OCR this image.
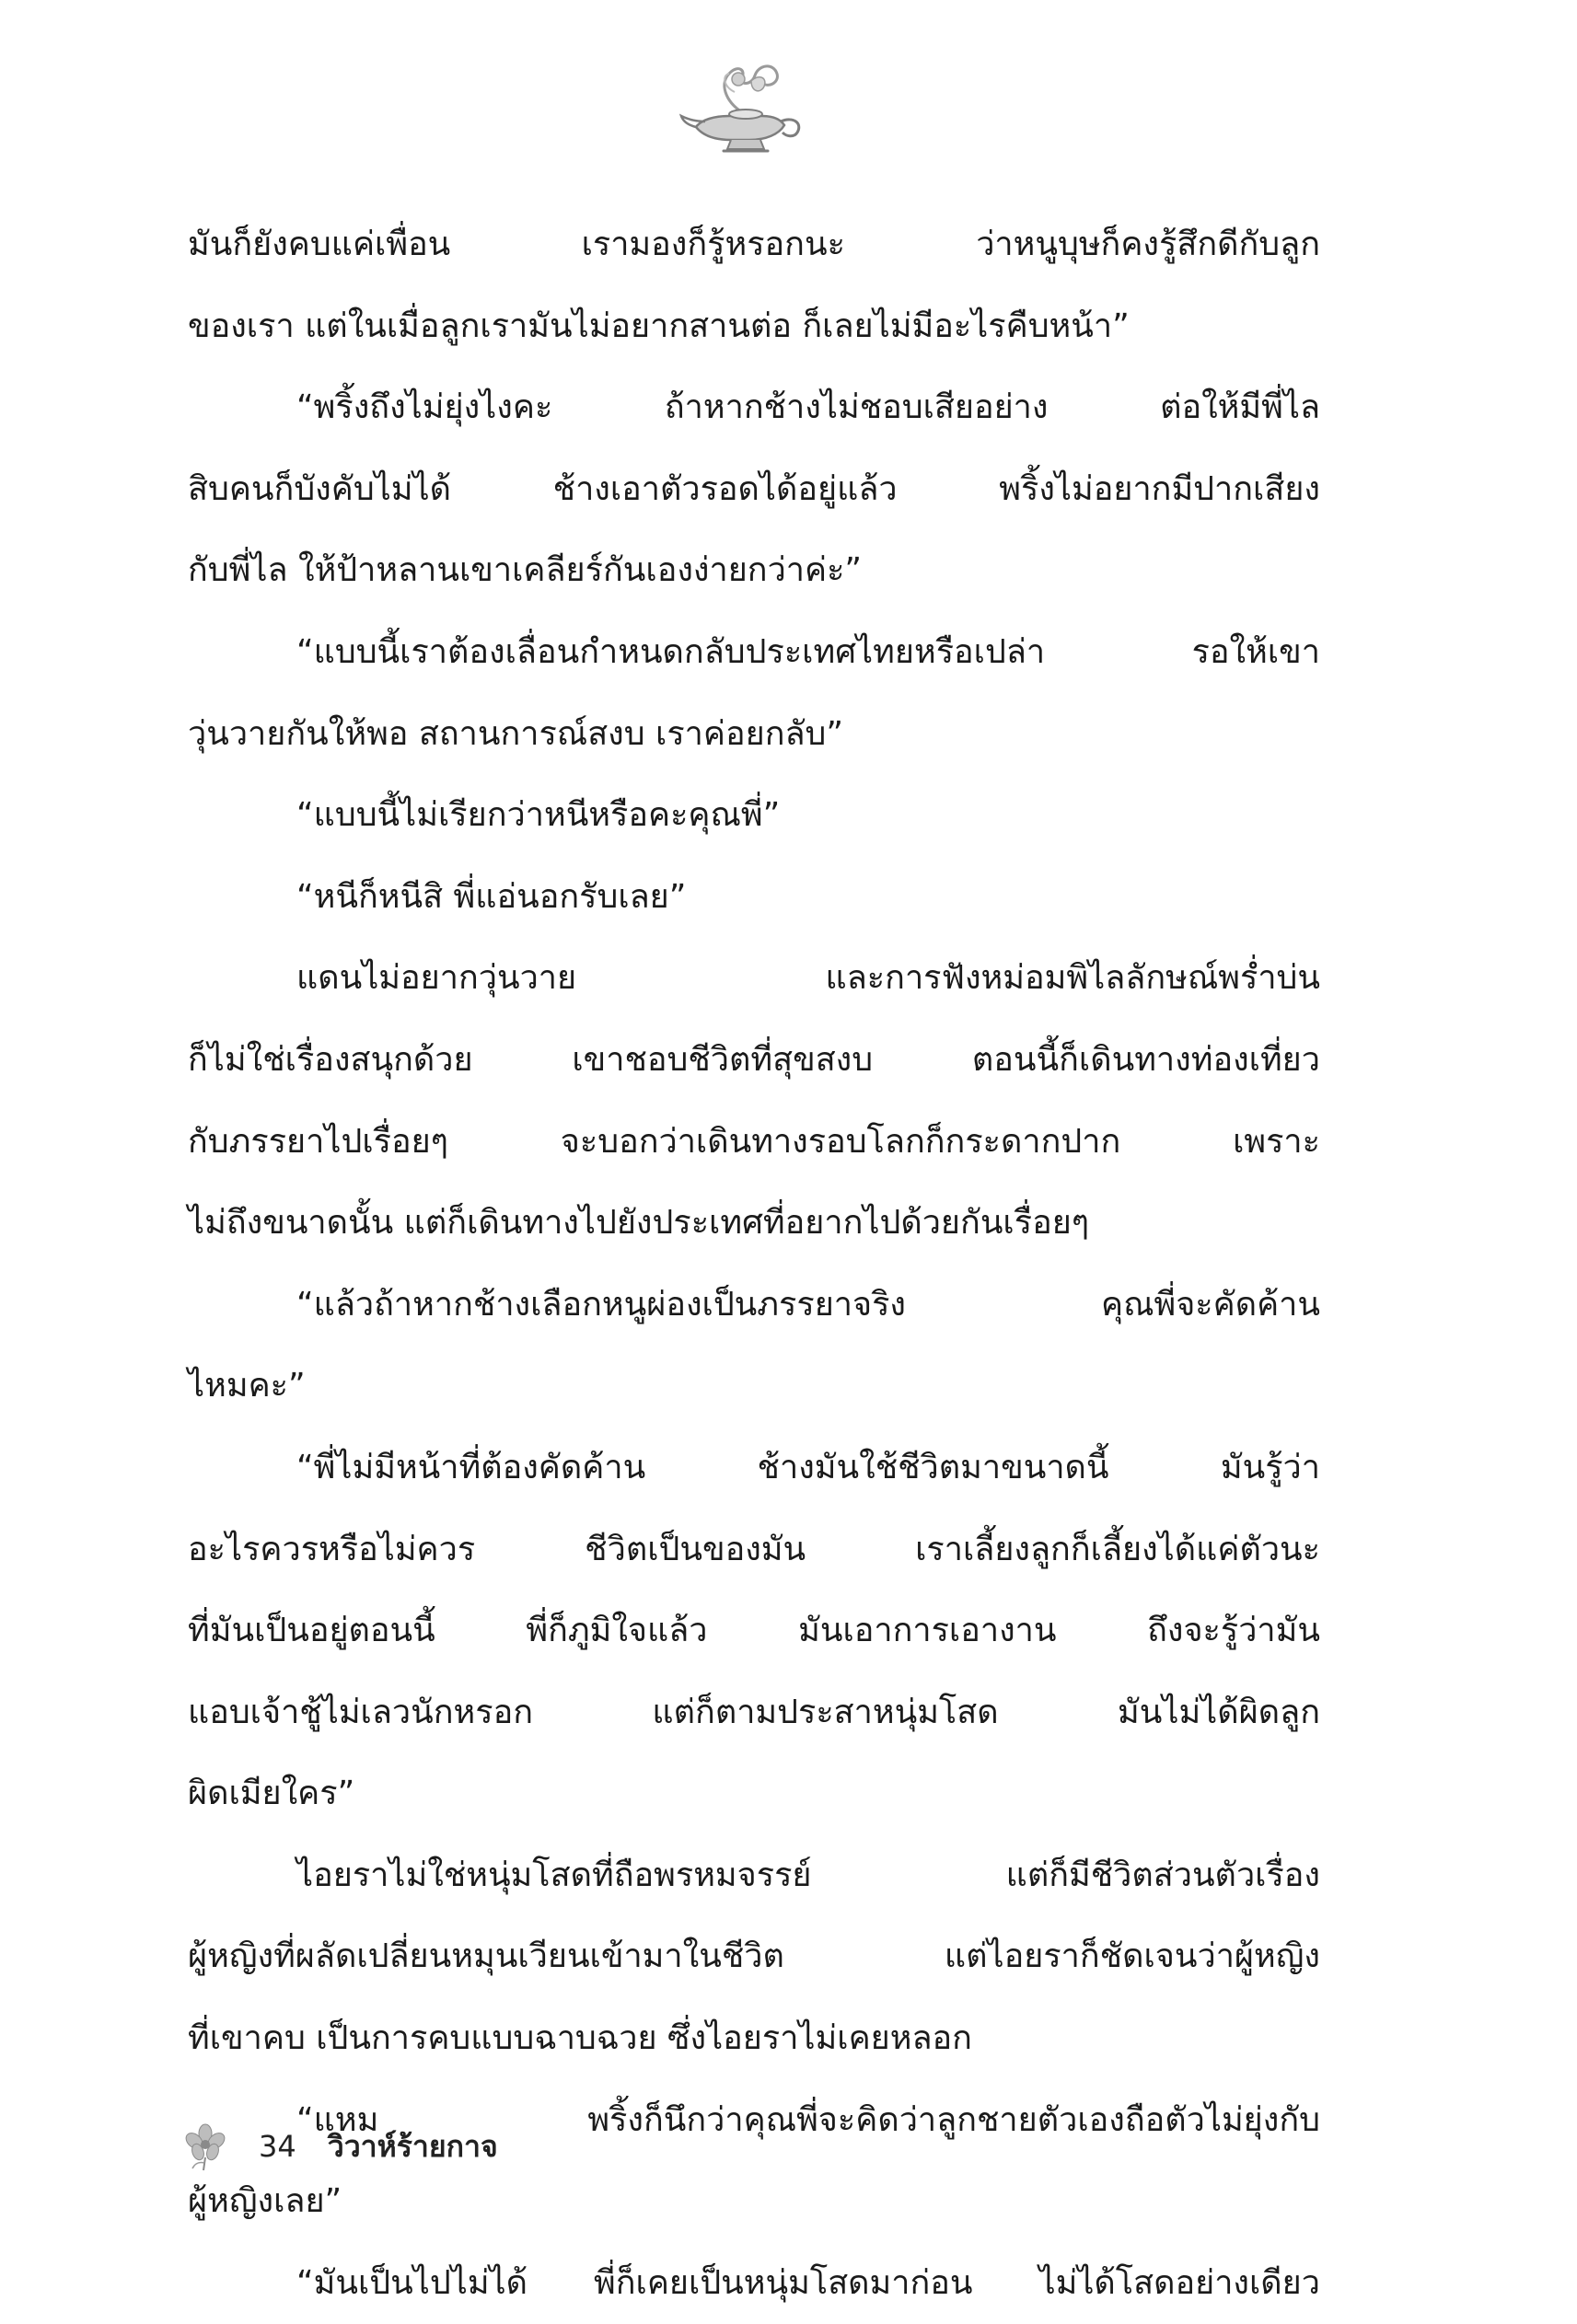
มันก็ยังคบแค่เพื่อน เรามองก็รู้หรอกนะ ว่าหนูบุษก็คงรู้สึกดีกับลูก
ของเรา แต่ในเมื่อลูกเรามันไม่อยากสานต่อ ก็เลยไม่มีอะไรคืบหน้า”
“พริ้งถึงไม่ยุ่งไงคะ ถ้าหากช้างไม่ชอบเสียอย่าง ต่อให้มีพี่ไล
สิบคนก็บังคับไม่ได้ ช้างเอาตัวรอดได้อยู่แล้ว พริ้งไม่อยากมีปากเสียง
กับพี่ไล ให้ป้าหลานเขาเคลียร์กันเองง่ายกว่าค่ะ”
“แบบนี้เราต้องเลื่อนกำหนดกลับประเทศไทยหรือเปล่า รอให้เขา
วุ่นวายกันให้พอ สถานการณ์สงบ เราค่อยกลับ”
“แบบนี้ไม่เรียกว่าหนีหรือคะคุณพี่”
“หนีก็หนีสิ พี่แอ่นอกรับเลย”
แดนไม่อยากวุ่นวาย และการฟังหม่อมพิไลลักษณ์พร่ำบ่น
ก็ไม่ใช่เรื่องสนุกด้วย เขาชอบชีวิตที่สุขสงบ ตอนนี้ก็เดินทางท่องเที่ยว
กับภรรยาไปเรื่อยๆ จะบอกว่าเดินทางรอบโลกก็กระดากปาก เพราะ
ไม่ถึงขนาดนั้น แต่ก็เดินทางไปยังประเทศที่อยากไปด้วยกันเรื่อยๆ
“แล้วถ้าหากช้างเลือกหนูผ่องเป็นภรรยาจริง คุณพี่จะคัดค้าน
ไหมคะ”
“พี่ไม่มีหน้าที่ต้องคัดค้าน ช้างมันใช้ชีวิตมาขนาดนี้ มันรู้ว่า
อะไรควรหรือไม่ควร ชีวิตเป็นของมัน เราเลี้ยงลูกก็เลี้ยงได้แค่ตัวนะ
ที่มันเป็นอยู่ตอนนี้ พี่ก็ภูมิใจแล้ว มันเอาการเอางาน ถึงจะรู้ว่ามัน
แอบเจ้าชู้ไม่เลวนักหรอก แต่ก็ตามประสาหนุ่มโสด มันไม่ได้ผิดลูก
ผิดเมียใคร”
ไอยราไม่ใช่หนุ่มโสดที่ถือพรหมจรรย์ แต่ก็มีชีวิตส่วนตัวเรื่อง
ผู้หญิงที่ผลัดเปลี่ยนหมุนเวียนเข้ามาในชีวิต แต่ไอยราก็ชัดเจนว่าผู้หญิง
ที่เขาคบ เป็นการคบแบบฉาบฉวย ซึ่งไอยราไม่เคยหลอก
“แหม พริ้งก็นึกว่าคุณพี่จะคิดว่าลูกชายตัวเองถือตัวไม่ยุ่งกับ
ผู้หญิงเลย”
“มันเป็นไปไม่ได้ พี่ก็เคยเป็นหนุ่มโสดมาก่อน ไม่ได้โสดอย่างเดียว
34 วิวาห์ร้ายกาจ
